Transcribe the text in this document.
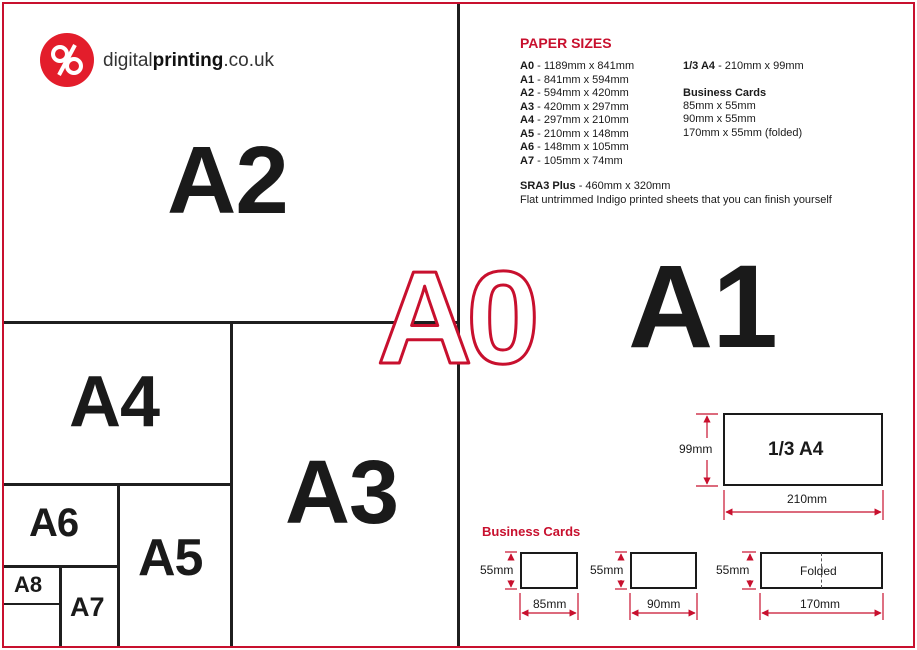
digitalprinting.co.uk
A2
A1
A3
A4
A5
A6
A7
A8
A0
PAPER SIZES
A0 - 1189mm x 841mm
A1 - 841mm x 594mm
A2 - 594mm x 420mm
A3 - 420mm x 297mm
A4 - 297mm x 210mm
A5 - 210mm x 148mm
A6 - 148mm x 105mm
A7 - 105mm x 74mm
1/3 A4 - 210mm x 99mm
Business Cards
85mm x 55mm
90mm x 55mm
170mm x 55mm (folded)
SRA3 Plus - 460mm x 320mm
Flat untrimmed Indigo printed sheets that you can finish yourself
1/3 A4
99mm
210mm
Business Cards
55mm
85mm
55mm
90mm
Folded
55mm
170mm
